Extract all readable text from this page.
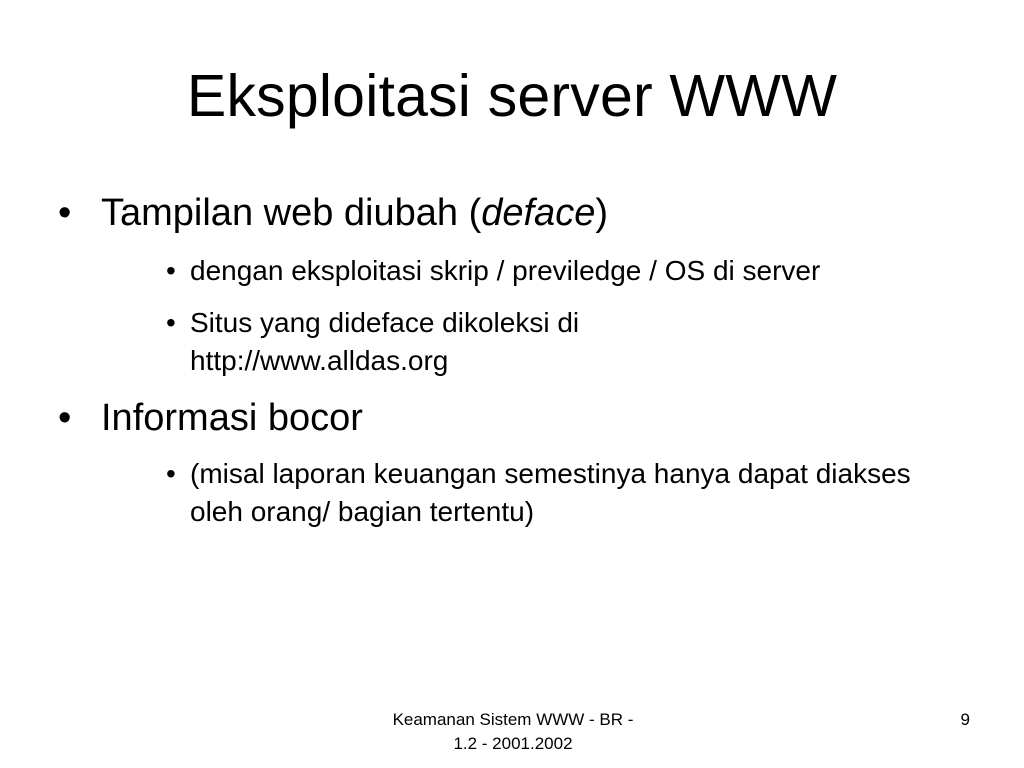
Eksploitasi server WWW
• Tampilan web diubah (deface)
• dengan eksploitasi skrip / previledge / OS di server
• Situs yang dideface dikoleksi di http://www.alldas.org
• Informasi bocor
• (misal laporan keuangan semestinya hanya dapat diakses oleh orang/ bagian tertentu)
Keamanan Sistem WWW - BR -
1.2 - 2001.2002
9
